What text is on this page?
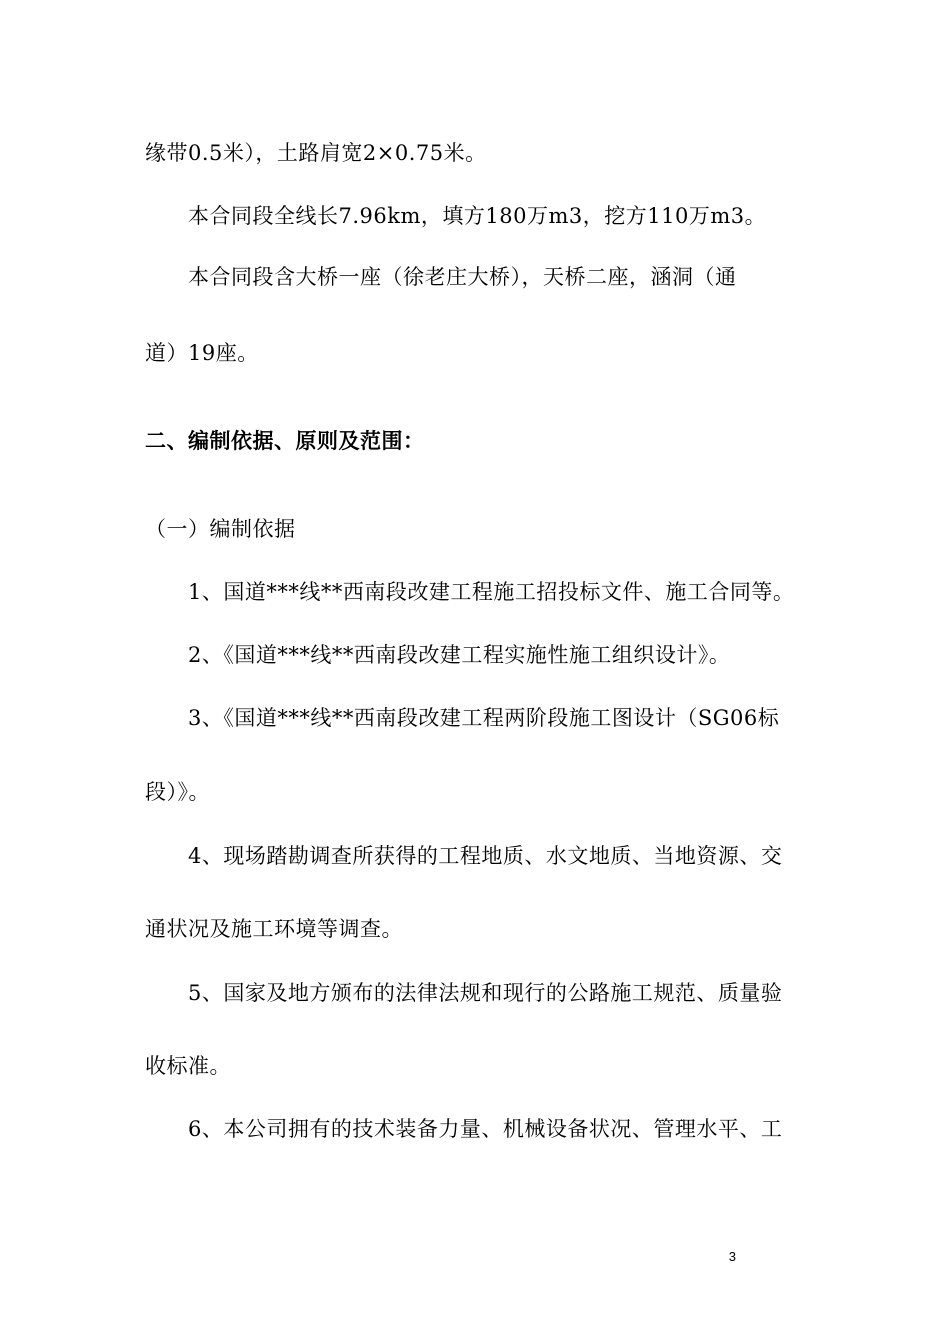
缘带0.5米），土路肩宽2×0.75米。
本合同段全线长7.96km，填方180万m3，挖方110万m3。
本合同段含大桥一座（徐老庄大桥），天桥二座，涵洞（通
道）19座。
二、编制依据、原则及范围：
（一）编制依据
1、国道***线**西南段改建工程施工招投标文件、施工合同等。
2、《国道***线**西南段改建工程实施性施工组织设计》。
3、《国道***线**西南段改建工程两阶段施工图设计（SG06标
段）》。
4、现场踏勘调查所获得的工程地质、水文地质、当地资源、交
通状况及施工环境等调查。
5、国家及地方颁布的法律法规和现行的公路施工规范、质量验
收标准。
6、本公司拥有的技术装备力量、机械设备状况、管理水平、工
3
